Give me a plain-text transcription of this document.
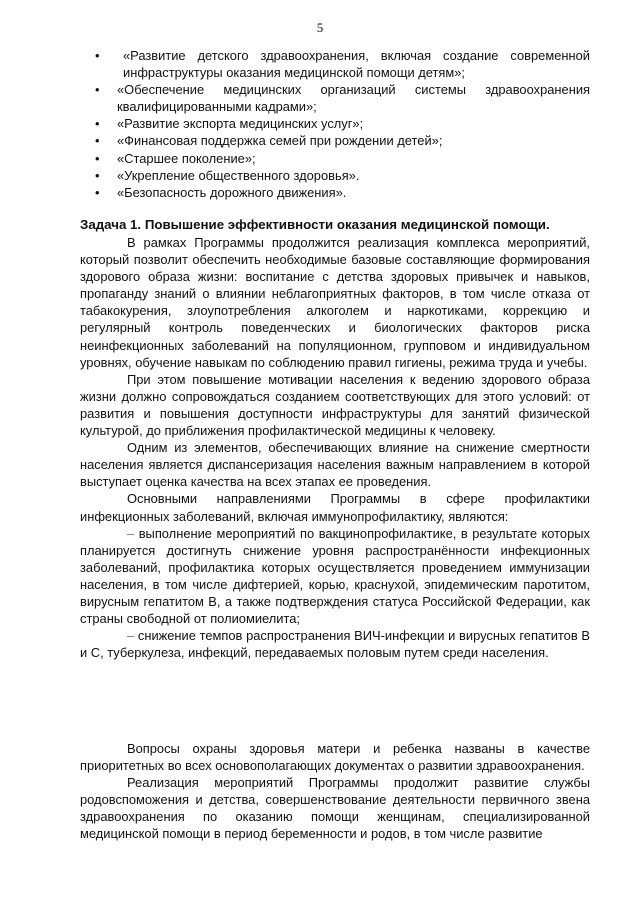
5
• «Развитие детского здравоохранения, включая создание современной инфраструктуры оказания медицинской помощи детям»;
• «Обеспечение медицинских организаций системы здравоохранения квалифицированными кадрами»;
• «Развитие экспорта медицинских услуг»;
• «Финансовая поддержка семей при рождении детей»;
• «Старшее поколение»;
• «Укрепление общественного здоровья».
• «Безопасность дорожного движения».
Задача 1. Повышение эффективности оказания медицинской помощи.

В рамках Программы продолжится реализация комплекса мероприятий, который позволит обеспечить необходимые базовые составляющие формирования здорового образа жизни: воспитание с детства здоровых привычек и навыков, пропаганду знаний о влиянии неблагоприятных факторов, в том числе отказа от табакокурения, злоупотребления алкоголем и наркотиками, коррекцию и регулярный контроль поведенческих и биологических факторов риска неинфекционных заболеваний на популяционном, групповом и индивидуальном уровнях, обучение навыкам по соблюдению правил гигиены, режима труда и учебы.

При этом повышение мотивации населения к ведению здорового образа жизни должно сопровождаться созданием соответствующих для этого условий: от развития и повышения доступности инфраструктуры для занятий физической культурой, до приближения профилактической медицины к человеку.

Одним из элементов, обеспечивающих влияние на снижение смертности населения является диспансеризация населения важным направлением в которой выступает оценка качества на всех этапах ее проведения.

Основными направлениями Программы в сфере профилактики инфекционных заболеваний, включая иммунопрофилактику, являются:

– выполнение мероприятий по вакцинопрофилактике, в результате которых планируется достигнуть снижение уровня распространённости инфекционных заболеваний, профилактика которых осуществляется проведением иммунизации населения, в том числе дифтерией, корью, краснухой, эпидемическим паротитом, вирусным гепатитом B, а также подтверждения статуса Российской Федерации, как страны свободной от полиомиелита;

– снижение темпов распространения ВИЧ-инфекции и вирусных гепатитов B и C, туберкулеза, инфекций, передаваемых половым путем среди населения.

Вопросы охраны здоровья матери и ребенка названы в качестве приоритетных во всех основополагающих документах о развитии здравоохранения.

Реализация мероприятий Программы продолжит развитие службы родовспоможения и детства, совершенствование деятельности первичного звена здравоохранения по оказанию помощи женщинам, специализированной медицинской помощи в период беременности и родов, в том числе развитие
